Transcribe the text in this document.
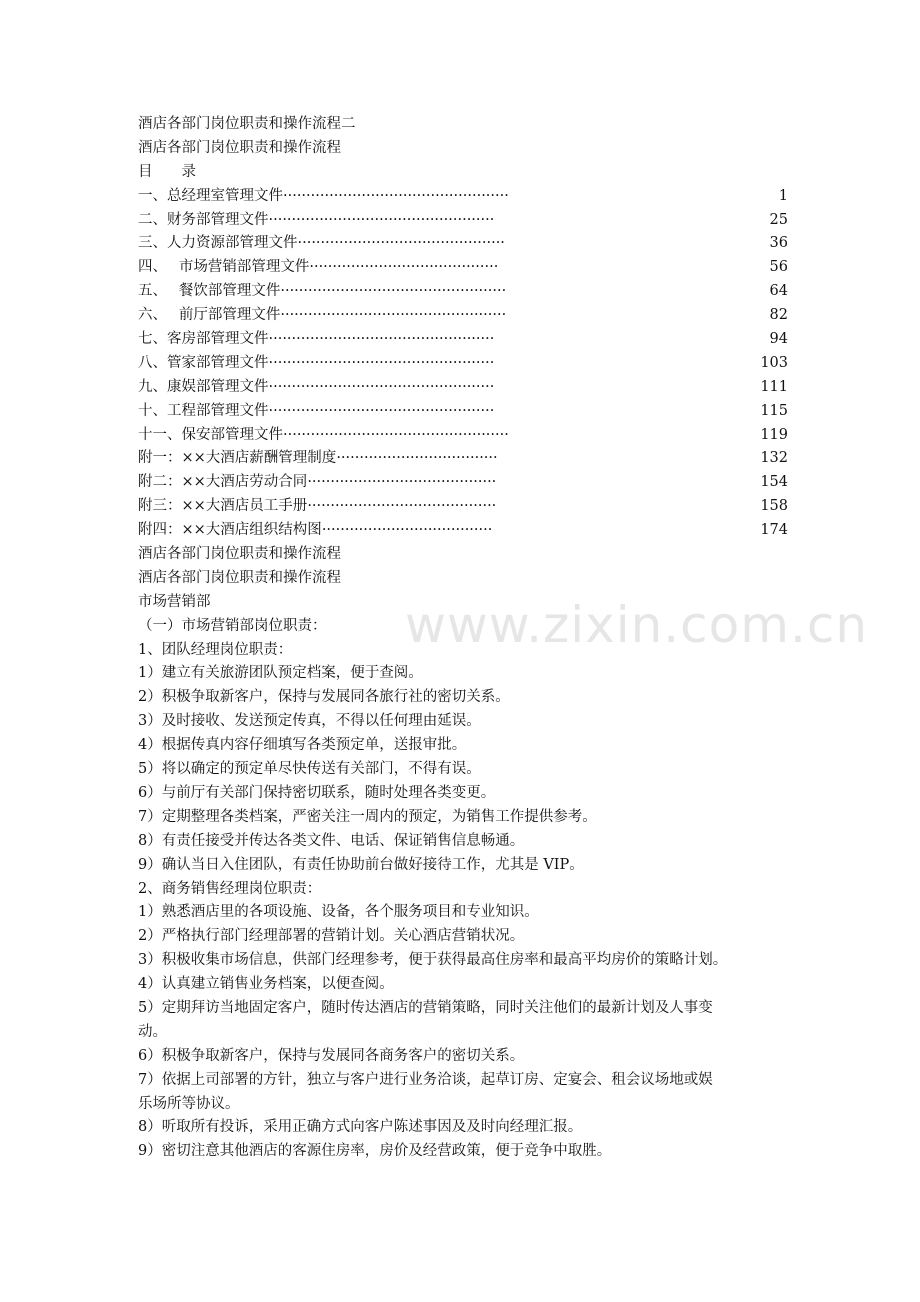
www.zixin.com.cn
酒店各部门岗位职责和操作流程二
酒店各部门岗位职责和操作流程
目　　录
一、总经理室管理文件 ·················································	1
二、财务部管理文件 ·················································	25
三、人力资源部管理文件 ·············································	36
四、　 市场营销部管理文件 ·········································	56
五、　 餐饮部管理文件 ·················································	64
六、　 前厅部管理文件 ·················································	82
七、客房部管理文件 ·················································	94
八、管家部管理文件 ·················································	103
九、康娱部管理文件 ·················································	111
十、工程部管理文件 ·················································	115
十一、保安部管理文件 ·················································	119
附一：××大酒店薪酬管理制度 ···································	132
附二：××大酒店劳动合同 ·········································	154
附三：××大酒店员工手册 ·········································	158
附四：××大酒店组织结构图 ·····································	174
酒店各部门岗位职责和操作流程
酒店各部门岗位职责和操作流程
市场营销部
（一）市场营销部岗位职责：
1、团队经理岗位职责：
1）建立有关旅游团队预定档案，便于查阅。
2）积极争取新客户，保持与发展同各旅行社的密切关系。
3）及时接收、发送预定传真，不得以任何理由延误。
4）根据传真内容仔细填写各类预定单，送报审批。
5）将以确定的预定单尽快传送有关部门，不得有误。
6）与前厅有关部门保持密切联系，随时处理各类变更。
7）定期整理各类档案，严密关注一周内的预定，为销售工作提供参考。
8）有责任接受并传达各类文件、电话、保证销售信息畅通。
9）确认当日入住团队，有责任协助前台做好接待工作，尤其是 VIP。
2、商务销售经理岗位职责：
1）熟悉酒店里的各项设施、设备，各个服务项目和专业知识。
2）严格执行部门经理部署的营销计划。关心酒店营销状况。
3）积极收集市场信息，供部门经理参考，便于获得最高住房率和最高平均房价的策略计划。
4）认真建立销售业务档案，以便查阅。
5）定期拜访当地固定客户，随时传达酒店的营销策略，同时关注他们的最新计划及人事变
动。
6）积极争取新客户，保持与发展同各商务客户的密切关系。
7）依据上司部署的方针，独立与客户进行业务洽谈，起草订房、定宴会、租会议场地或娱
乐场所等协议。
8）听取所有投诉，采用正确方式向客户陈述事因及及时向经理汇报。
9）密切注意其他酒店的客源住房率，房价及经营政策，便于竞争中取胜。
